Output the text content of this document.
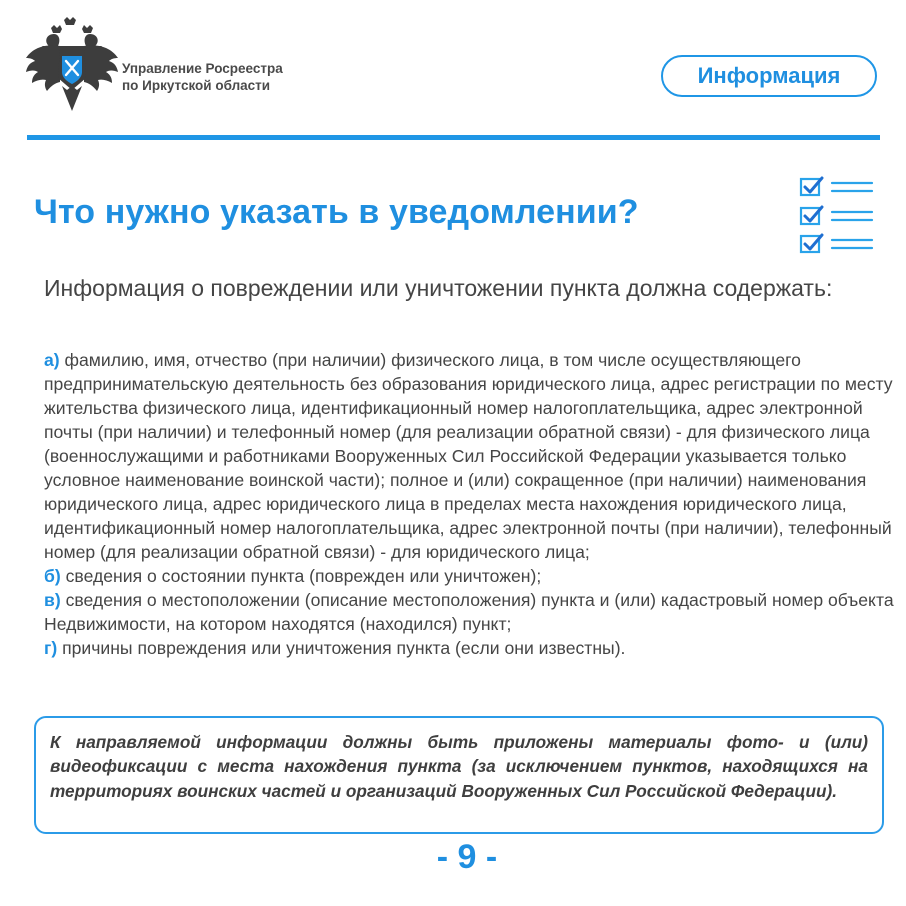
Управление Росреестра
по Иркутской области	Информация
Что нужно указать в уведомлении?

Информация о повреждении или уничтожении пункта должна содержать:

а) фамилию, имя, отчество (при наличии) физического лица, в том числе осуществляющего предпринимательскую деятельность без образования юридического лица, адрес регистрации по месту жительства физического лица, идентификационный номер налогоплательщика, адрес электронной почты (при наличии) и телефонный номер (для реализации обратной связи) - для физического лица (военнослужащими и работниками Вооруженных Сил Российской Федерации указывается только условное наименование воинской части); полное и (или) сокращенное (при наличии) наименования юридического лица, адрес юридического лица в пределах места нахождения юридического лица, идентификационный номер налогоплательщика, адрес электронной почты (при наличии), телефонный номер (для реализации обратной связи) - для юридического лица;

б) сведения о состоянии пункта (поврежден или уничтожен);

в) сведения о местоположении (описание местоположения) пункта и (или) кадастровый номер объекта Недвижимости, на котором находятся (находился) пункт;

г) причины повреждения или уничтожения пункта (если они известны).

К направляемой информации должны быть приложены материалы фото- и (или) видеофиксации с места нахождения пункта (за исключением пунктов, находящихся на территориях воинских частей и организаций Вооруженных Сил Российской Федерации).

- 9 -
